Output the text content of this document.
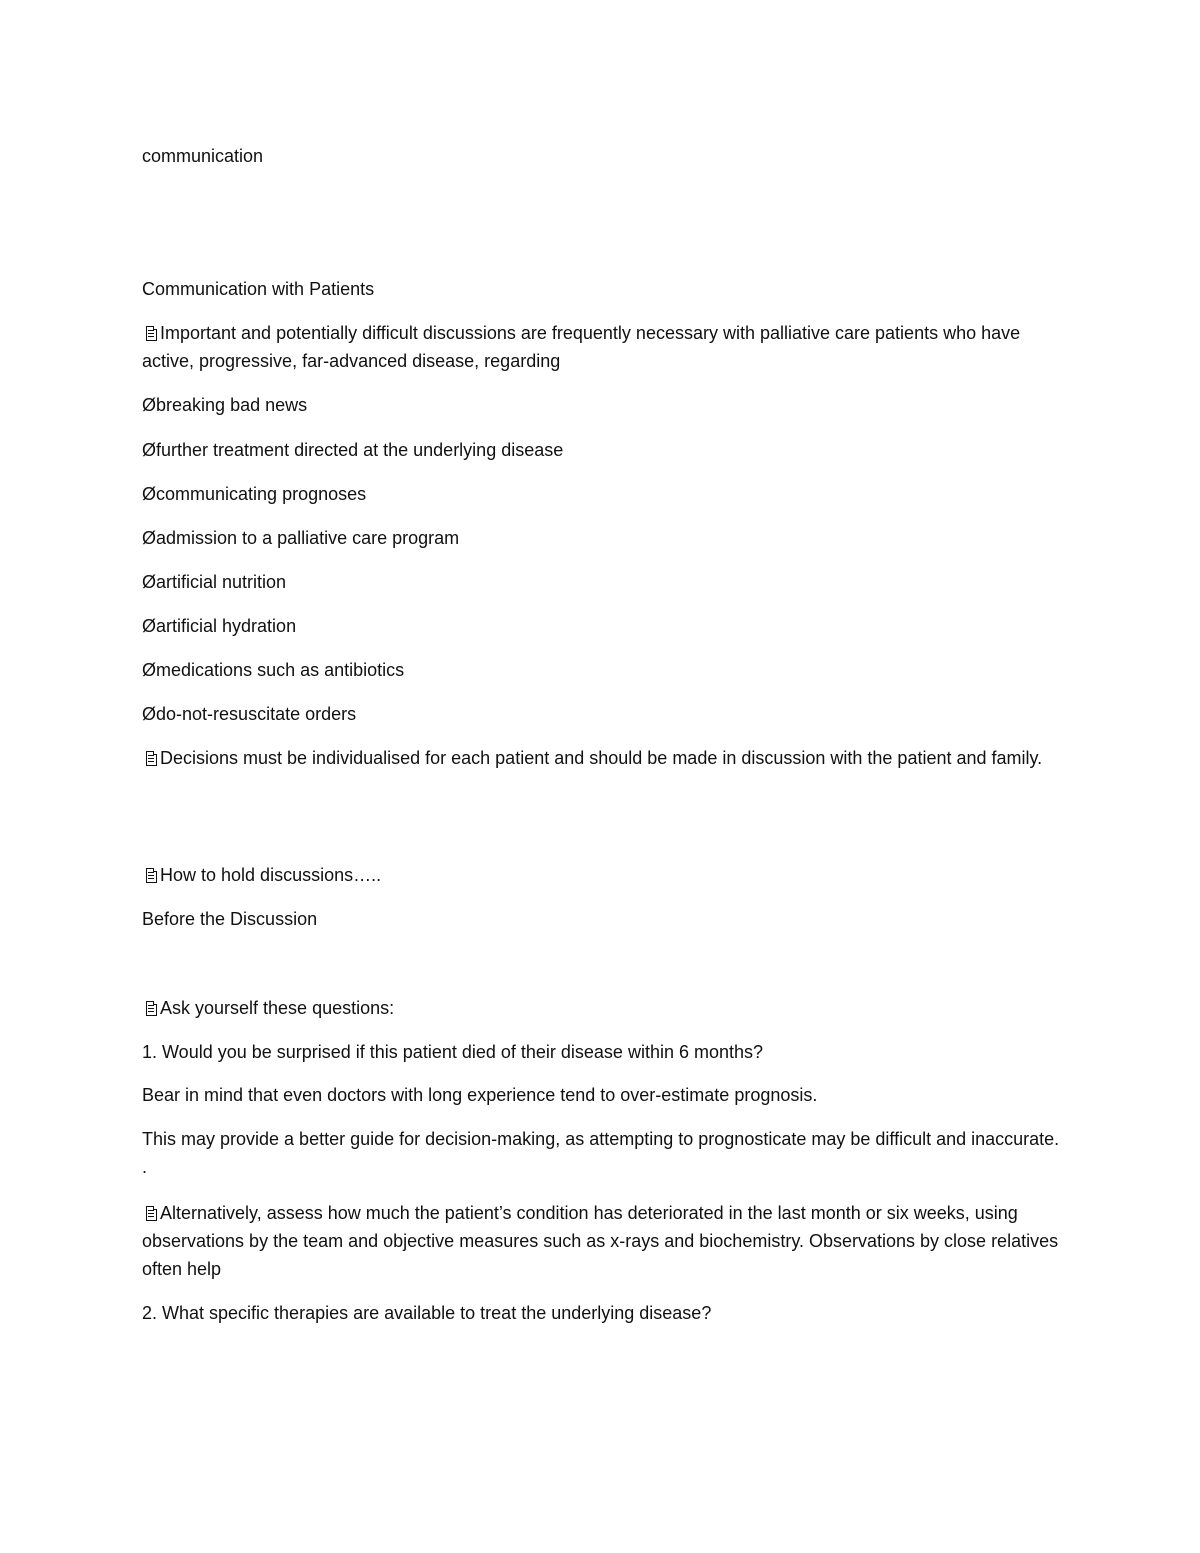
communication
Communication with Patients
Important and potentially difficult discussions are frequently necessary with palliative care patients who have active, progressive, far-advanced disease, regarding
Øbreaking bad news
Øfurther treatment directed at the underlying disease
Øcommunicating prognoses
Øadmission to a palliative care program
Øartificial nutrition
Øartificial hydration
Ømedications such as antibiotics
Ødo-not-resuscitate orders
Decisions must be individualised for each patient and should be made in discussion with the patient and family.
How to hold discussions…..
Before the Discussion
Ask yourself these questions:
1. Would you be surprised if this patient died of their disease within 6 months?
Bear in mind that even doctors with long experience tend to over-estimate prognosis.
This may provide a better guide for decision-making, as attempting to prognosticate may be difficult and inaccurate. .
Alternatively, assess how much the patient’s condition has deteriorated in the last month or six weeks, using observations by the team and objective measures such as x-rays and biochemistry. Observations by close relatives often help
2. What specific therapies are available to treat the underlying disease?
